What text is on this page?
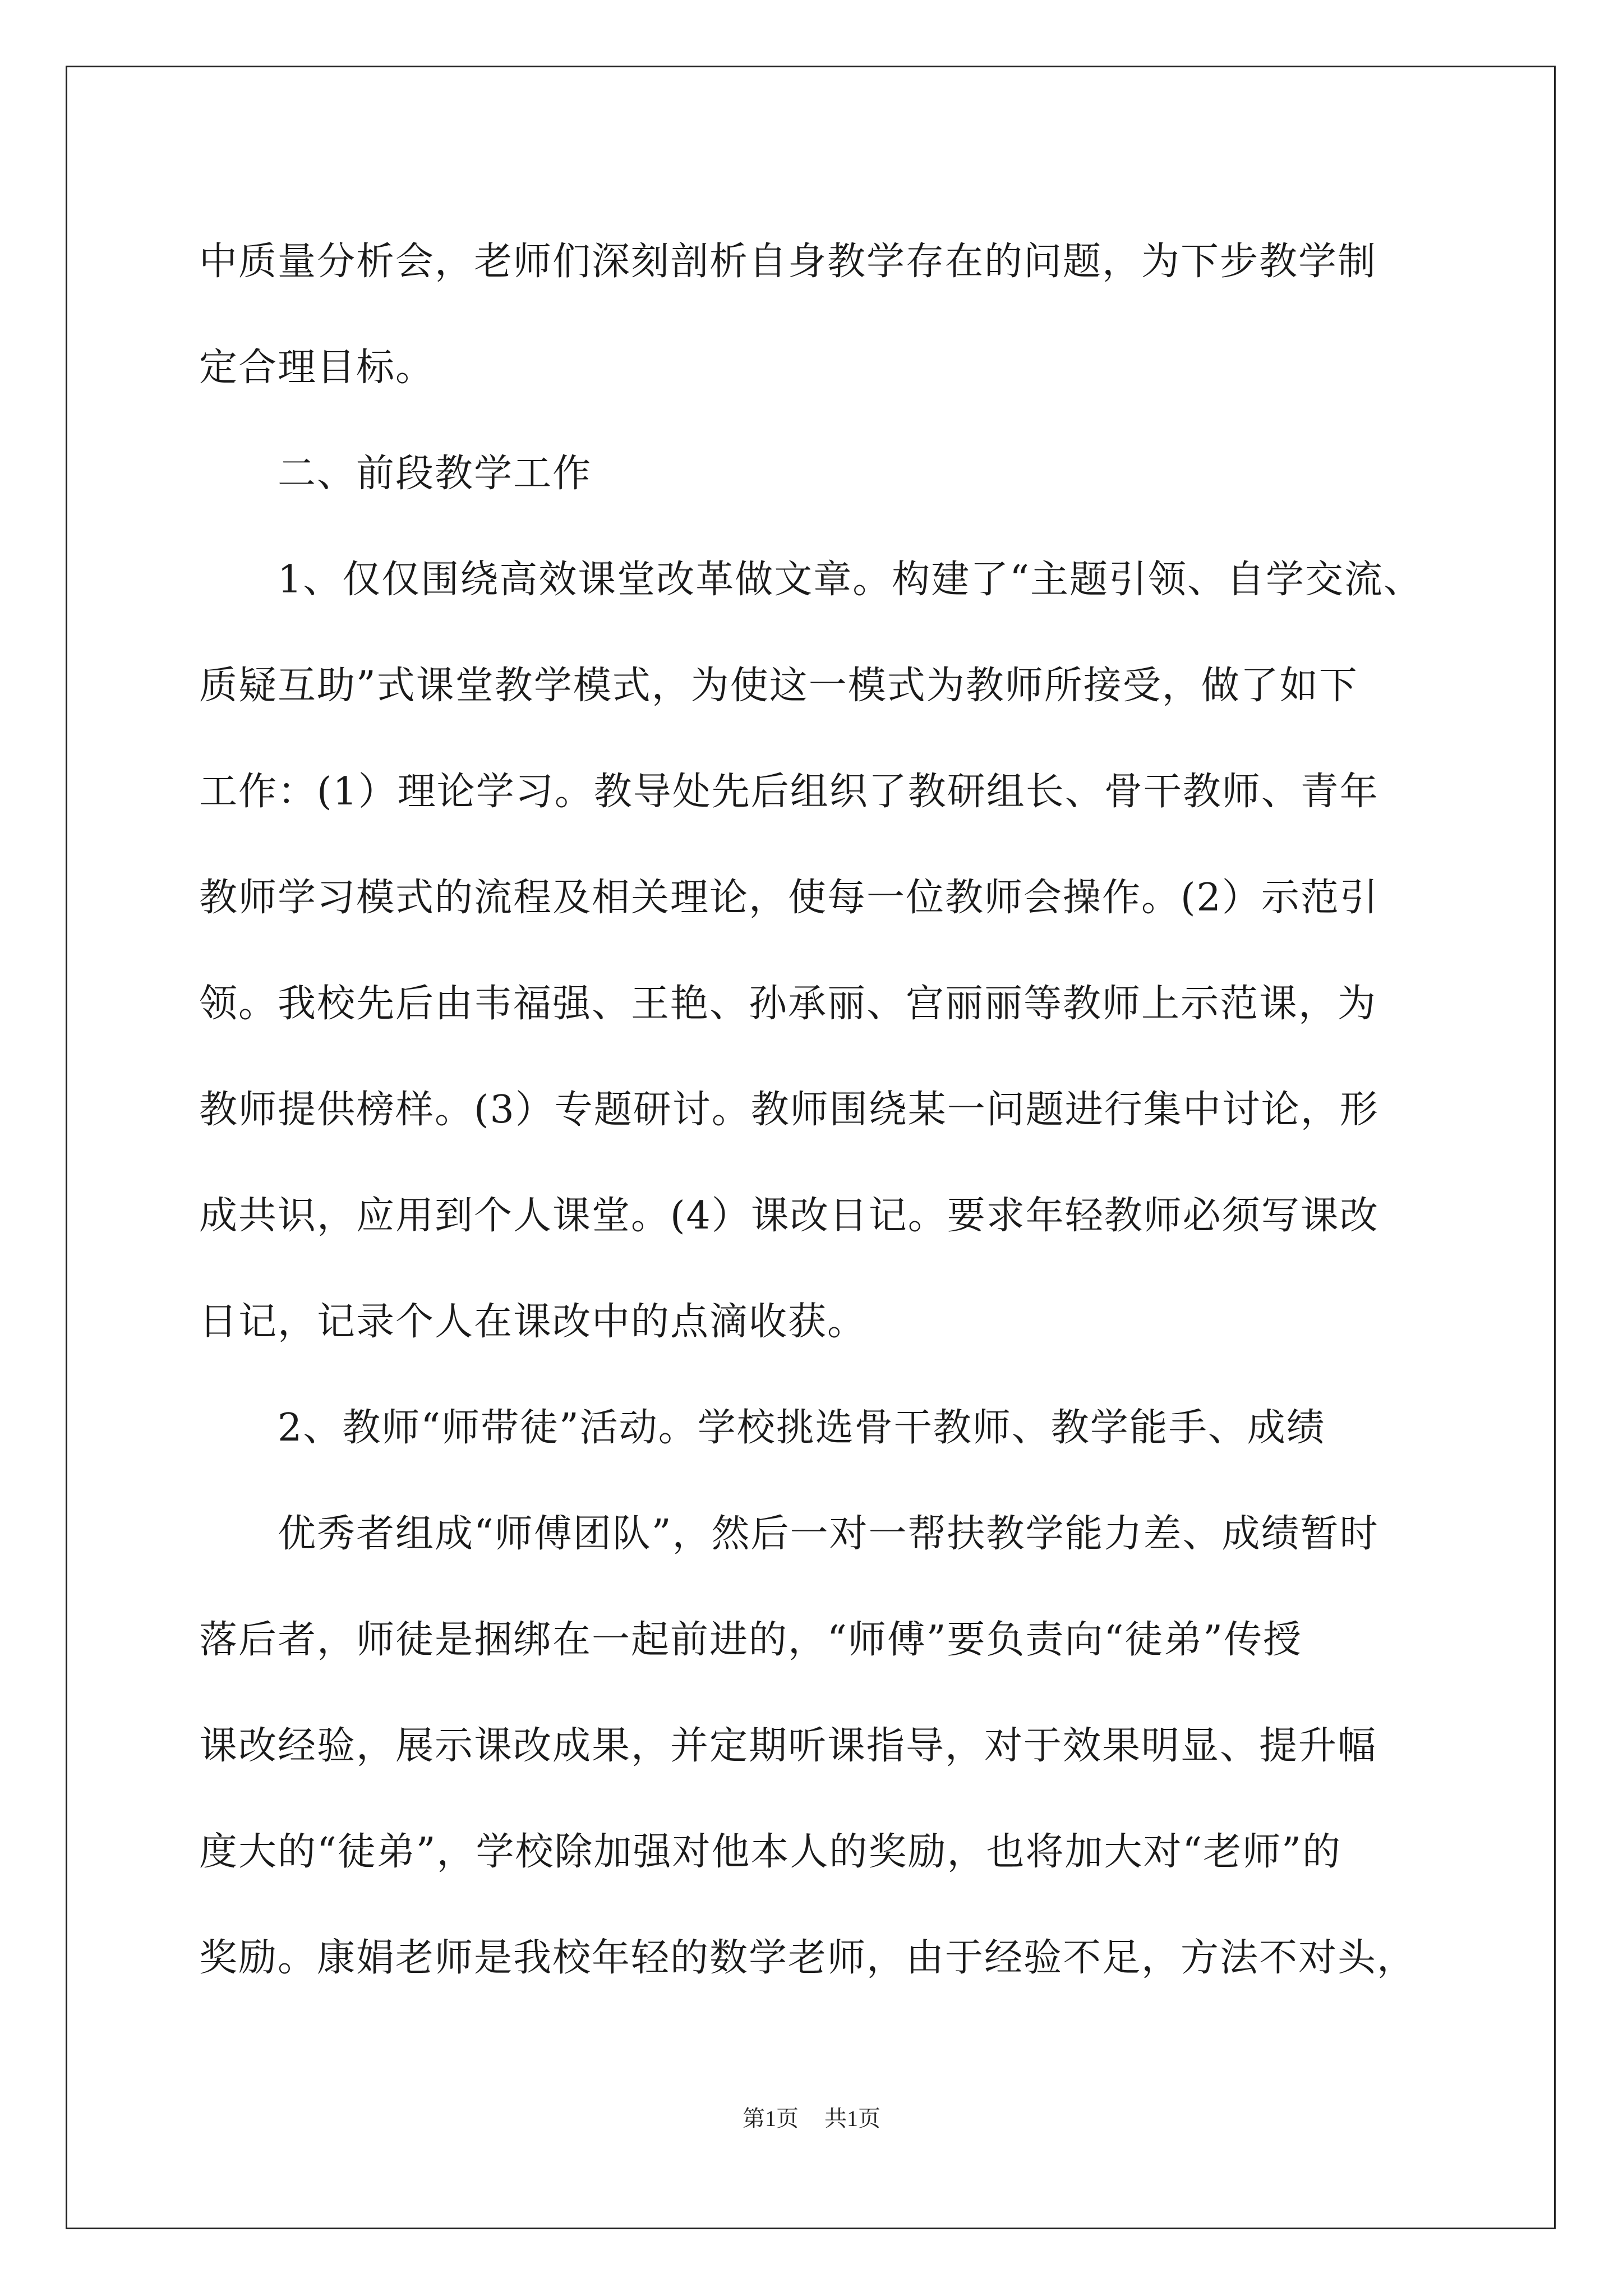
中质量分析会，老师们深刻剖析自身教学存在的问题，为下步教学制
定合理目标。
二、前段教学工作
1、仅仅围绕高效课堂改革做文章。构建了“主题引领、自学交流、
质疑互助”式课堂教学模式，为使这一模式为教师所接受，做了如下
工作：(1）理论学习。教导处先后组织了教研组长、骨干教师、青年
教师学习模式的流程及相关理论，使每一位教师会操作。(2）示范引
领。我校先后由韦福强、王艳、孙承丽、宫丽丽等教师上示范课，为
教师提供榜样。(3）专题研讨。教师围绕某一问题进行集中讨论，形
成共识，应用到个人课堂。(4）课改日记。要求年轻教师必须写课改
日记，记录个人在课改中的点滴收获。
2、教师“师带徒”活动。学校挑选骨干教师、教学能手、成绩
优秀者组成“师傅团队”，然后一对一帮扶教学能力差、成绩暂时
落后者，师徒是捆绑在一起前进的，“师傅”要负责向“徒弟”传授
课改经验，展示课改成果，并定期听课指导，对于效果明显、提升幅
度大的“徒弟”，学校除加强对他本人的奖励，也将加大对“老师”的
奖励。康娟老师是我校年轻的数学老师，由于经验不足，方法不对头，
第1页 共1页
